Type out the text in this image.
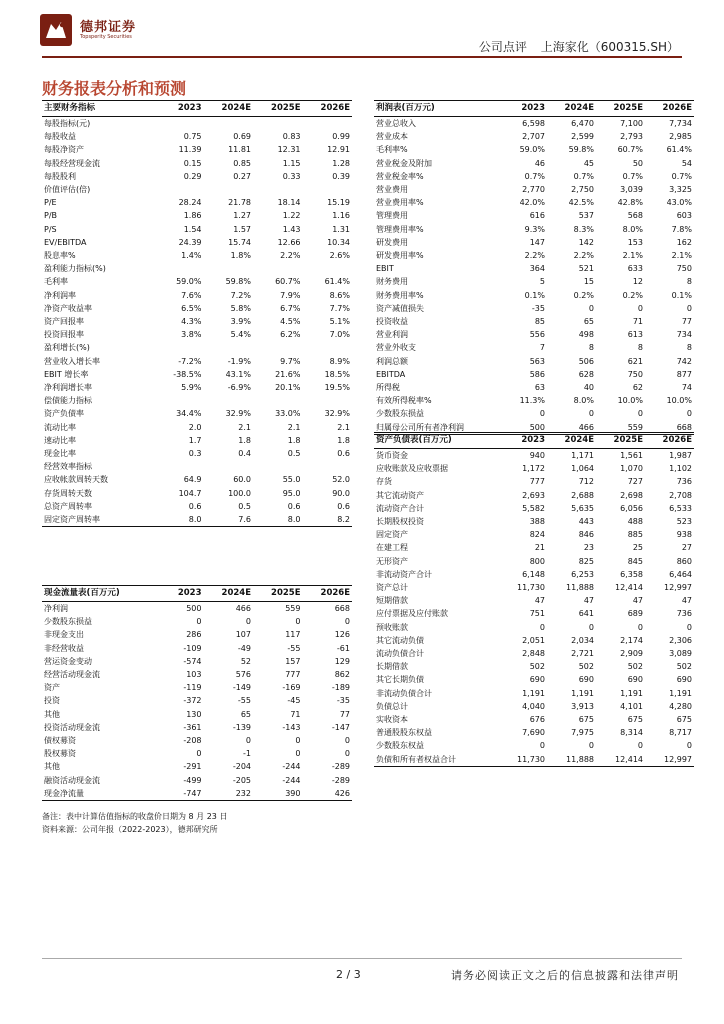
德邦证券
Topsperity Securities
公司点评 上海家化（600315.SH）
财务报表分析和预测
主要财务指标	2023	2024E	2025E	2026E
每股指标(元)				
每股收益	0.75	0.69	0.83	0.99
每股净资产	11.39	11.81	12.31	12.91
每股经营现金流	0.15	0.85	1.15	1.28
每股股利	0.29	0.27	0.33	0.39
价值评估(倍)				
P/E	28.24	21.78	18.14	15.19
P/B	1.86	1.27	1.22	1.16
P/S	1.54	1.57	1.43	1.31
EV/EBITDA	24.39	15.74	12.66	10.34
股息率%	1.4%	1.8%	2.2%	2.6%
盈利能力指标(%)				
毛利率	59.0%	59.8%	60.7%	61.4%
净利润率	7.6%	7.2%	7.9%	8.6%
净资产收益率	6.5%	5.8%	6.7%	7.7%
资产回报率	4.3%	3.9%	4.5%	5.1%
投资回报率	3.8%	5.4%	6.2%	7.0%
盈利增长(%)				
营业收入增长率	-7.2%	-1.9%	9.7%	8.9%
EBIT 增长率	-38.5%	43.1%	21.6%	18.5%
净利润增长率	5.9%	-6.9%	20.1%	19.5%
偿债能力指标				
资产负债率	34.4%	32.9%	33.0%	32.9%
流动比率	2.0	2.1	2.1	2.1
速动比率	1.7	1.8	1.8	1.8
现金比率	0.3	0.4	0.5	0.6
经营效率指标				
应收帐款周转天数	64.9	60.0	55.0	52.0
存货周转天数	104.7	100.0	95.0	90.0
总资产周转率	0.6	0.5	0.6	0.6
固定资产周转率	8.0	7.6	8.0	8.2
利润表(百万元)	2023	2024E	2025E	2026E
营业总收入	6,598	6,470	7,100	7,734
营业成本	2,707	2,599	2,793	2,985
毛利率%	59.0%	59.8%	60.7%	61.4%
营业税金及附加	46	45	50	54
营业税金率%	0.7%	0.7%	0.7%	0.7%
营业费用	2,770	2,750	3,039	3,325
营业费用率%	42.0%	42.5%	42.8%	43.0%
管理费用	616	537	568	603
管理费用率%	9.3%	8.3%	8.0%	7.8%
研发费用	147	142	153	162
研发费用率%	2.2%	2.2%	2.1%	2.1%
EBIT	364	521	633	750
财务费用	5	15	12	8
财务费用率%	0.1%	0.2%	0.2%	0.1%
资产减值损失	-35	0	0	0
投资收益	85	65	71	77
营业利润	556	498	613	734
营业外收支	7	8	8	8
利润总额	563	506	621	742
EBITDA	586	628	750	877
所得税	63	40	62	74
有效所得税率%	11.3%	8.0%	10.0%	10.0%
少数股东损益	0	0	0	0
归属母公司所有者净利润	500	466	559	668
资产负债表(百万元)	2023	2024E	2025E	2026E
货币资金	940	1,171	1,561	1,987
应收账款及应收票据	1,172	1,064	1,070	1,102
存货	777	712	727	736
其它流动资产	2,693	2,688	2,698	2,708
流动资产合计	5,582	5,635	6,056	6,533
长期股权投资	388	443	488	523
固定资产	824	846	885	938
在建工程	21	23	25	27
无形资产	800	825	845	860
非流动资产合计	6,148	6,253	6,358	6,464
资产总计	11,730	11,888	12,414	12,997
短期借款	47	47	47	47
应付票据及应付账款	751	641	689	736
预收账款	0	0	0	0
其它流动负债	2,051	2,034	2,174	2,306
流动负债合计	2,848	2,721	2,909	3,089
长期借款	502	502	502	502
其它长期负债	690	690	690	690
非流动负债合计	1,191	1,191	1,191	1,191
负债总计	4,040	3,913	4,101	4,280
实收资本	676	675	675	675
普通股股东权益	7,690	7,975	8,314	8,717
少数股东权益	0	0	0	0
负债和所有者权益合计	11,730	11,888	12,414	12,997
现金流量表(百万元)	2023	2024E	2025E	2026E
净利润	500	466	559	668
少数股东损益	0	0	0	0
非现金支出	286	107	117	126
非经营收益	-109	-49	-55	-61
营运资金变动	-574	52	157	129
经营活动现金流	103	576	777	862
资产	-119	-149	-169	-189
投资	-372	-55	-45	-35
其他	130	65	71	77
投资活动现金流	-361	-139	-143	-147
债权募资	-208	0	0	0
股权募资	0	-1	0	0
其他	-291	-204	-244	-289
融资活动现金流	-499	-205	-244	-289
现金净流量	-747	232	390	426
备注：表中计算估值指标的收盘价日期为 8 月 23 日
资料来源：公司年报（2022-2023），德邦研究所
2 / 3	请务必阅读正文之后的信息披露和法律声明
